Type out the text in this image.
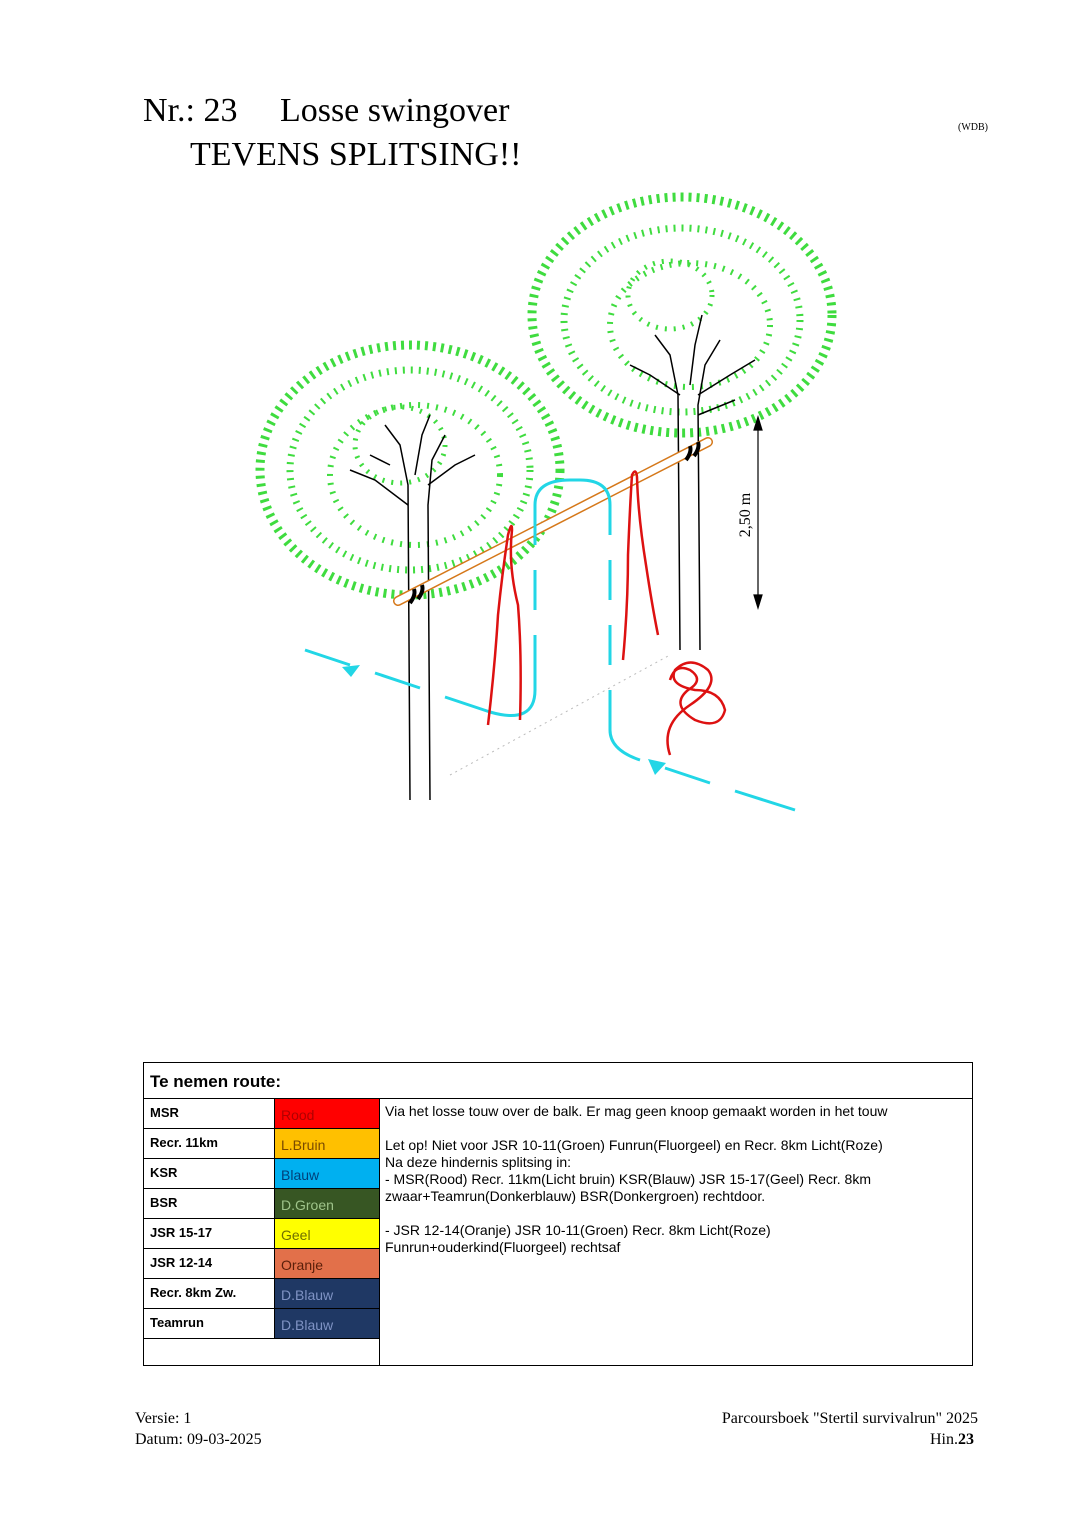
Nr.: 23     Losse swingover
TEVENS SPLITSING!!
(WDB)
2,50 m
Te nemen route:
MSR	Rood
Recr. 11km	L.Bruin
KSR	Blauw
BSR	D.Groen
JSR 15-17	Geel
JSR 12-14	Oranje
Recr. 8km Zw.	D.Blauw
Teamrun	D.Blauw

Via het losse touw over de balk. Er mag geen knoop gemaakt worden in het touw

Let op! Niet voor JSR 10-11(Groen) Funrun(Fluorgeel) en Recr. 8km Licht(Roze)

Na deze hindernis splitsing in:

- MSR(Rood) Recr. 11km(Licht bruin) KSR(Blauw) JSR 15-17(Geel) Recr. 8km

zwaar+Teamrun(Donkerblauw) BSR(Donkergroen) rechtdoor.

- JSR 12-14(Oranje) JSR 10-11(Groen) Recr. 8km Licht(Roze)

Funrun+ouderkind(Fluorgeel) rechtsaf

Versie: 1
Datum: 09-03-2025
Parcoursboek "Stertil survivalrun" 2025
Hin.23
